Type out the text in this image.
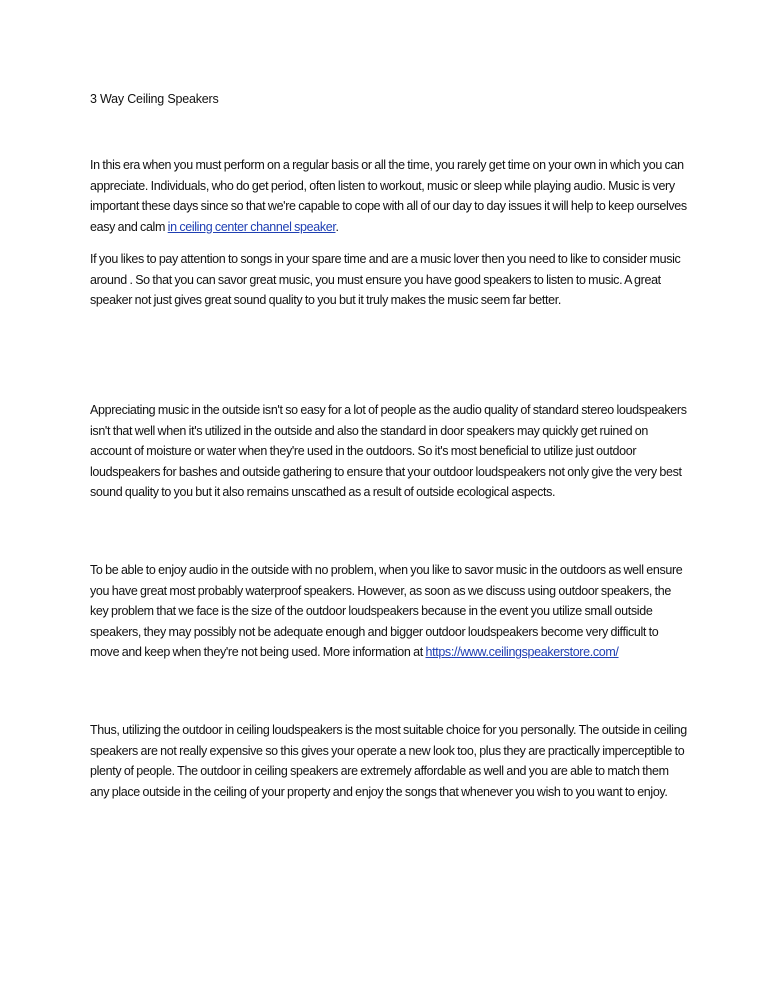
3 Way Ceiling Speakers

In this era when you must perform on a regular basis or all the time, you rarely get time on your own in which you can appreciate. Individuals, who do get period, often listen to workout, music or sleep while playing audio. Music is very important these days since so that we're capable to cope with all of our day to day issues it will help to keep ourselves easy and calm in ceiling center channel speaker.

If you likes to pay attention to songs in your spare time and are a music lover then you need to like to consider music around . So that you can savor great music, you must ensure you have good speakers to listen to music. A great speaker not just gives great sound quality to you but it truly makes the music seem far better.

Appreciating music in the outside isn't so easy for a lot of people as the audio quality of standard stereo loudspeakers isn't that well when it's utilized in the outside and also the standard in door speakers may quickly get ruined on account of moisture or water when they're used in the outdoors. So it's most beneficial to utilize just outdoor loudspeakers for bashes and outside gathering to ensure that your outdoor loudspeakers not only give the very best sound quality to you but it also remains unscathed as a result of outside ecological aspects.

To be able to enjoy audio in the outside with no problem, when you like to savor music in the outdoors as well ensure you have great most probably waterproof speakers. However, as soon as we discuss using outdoor speakers, the key problem that we face is the size of the outdoor loudspeakers because in the event you utilize small outside speakers, they may possibly not be adequate enough and bigger outdoor loudspeakers become very difficult to move and keep when they're not being used. More information at https://www.ceilingspeakerstore.com/

Thus, utilizing the outdoor in ceiling loudspeakers is the most suitable choice for you personally. The outside in ceiling speakers are not really expensive so this gives your operate a new look too, plus they are practically imperceptible to plenty of people. The outdoor in ceiling speakers are extremely affordable as well and you are able to match them any place outside in the ceiling of your property and enjoy the songs that whenever you wish to you want to enjoy.
